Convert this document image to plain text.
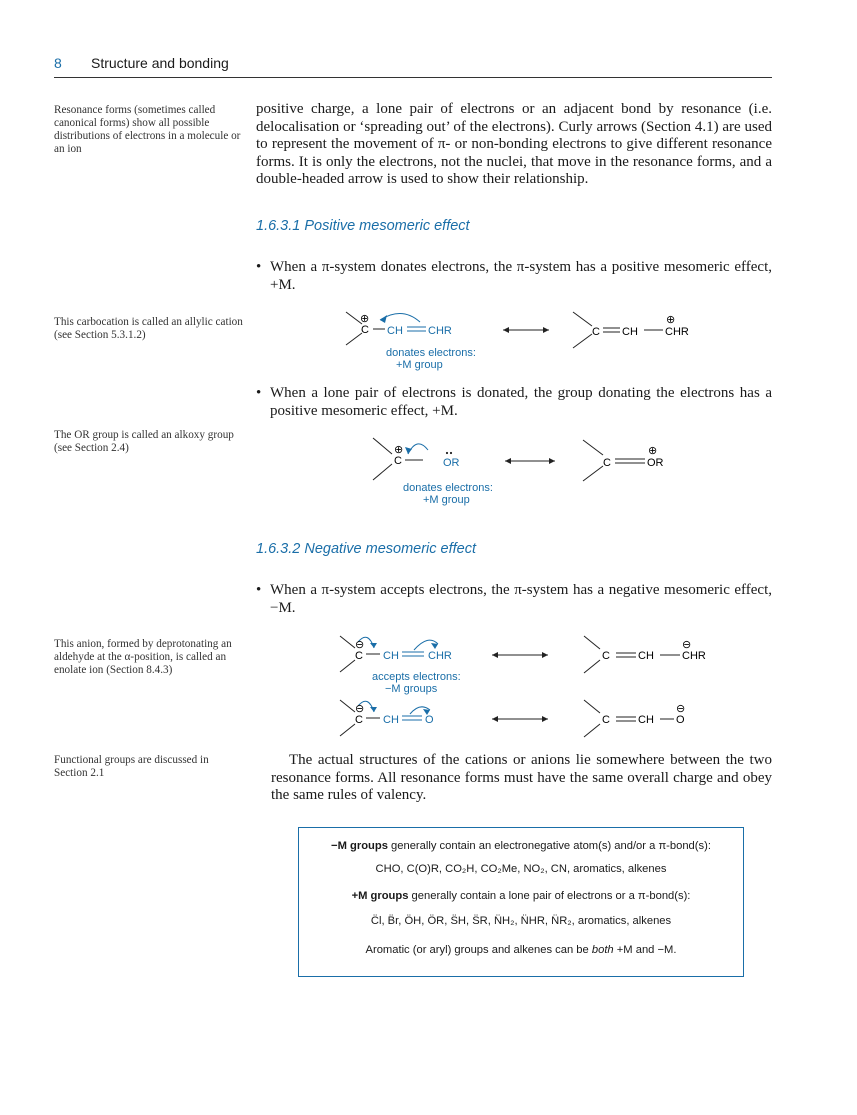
8 Structure and bonding
Resonance forms (sometimes called canonical forms) show all possible distributions of electrons in a molecule or an ion
This carbocation is called an allylic cation (see Section 5.3.1.2)
The OR group is called an alkoxy group (see Section 2.4)
This anion, formed by deprotonating an aldehyde at the α-position, is called an enolate ion (Section 8.4.3)
Functional groups are discussed in Section 2.1
positive charge, a lone pair of electrons or an adjacent bond by resonance (i.e. delocalisation or ‘spreading out’ of the electrons). Curly arrows (Section 4.1) are used to represent the movement of π- or non-bonding electrons to give different resonance forms. It is only the electrons, not the nuclei, that move in the resonance forms, and a double-headed arrow is used to show their relationship.
1.6.3.1 Positive mesomeric effect
• When a π-system donates electrons, the π-system has a positive mesomeric effect, +M.
C
⊕
CH CHR
donates electrons:
+M group
C CH CHR
⊕
• When a lone pair of electrons is donated, the group donating the electrons has a positive mesomeric effect, +M.
C
⊕
OR
donates electrons:
+M group
C	OR
⊕
1.6.3.2 Negative mesomeric effect
• When a π-system accepts electrons, the π-system has a negative mesomeric effect, −M.
C
⊖
CH	CHR
accepts electrons:
−M groups
C	CH	CHR
⊖
C
⊖
CH O	C	CH O
⊖
The actual structures of the cations or anions lie somewhere between the two resonance forms. All resonance forms must have the same overall charge and obey the same rules of valency.
−M groups generally contain an electronegative atom(s) and/or a π-bond(s):
CHO, C(O)R, CO₂H, CO₂Me, NO₂, CN, aromatics, alkenes
+M groups generally contain a lone pair of electrons or a π-bond(s):
C̈l, B̈r, ÖH, ÖR, S̈H, S̈R, N̈H₂, N̈HR, N̈R₂, aromatics, alkenes
Aromatic (or aryl) groups and alkenes can be both +M and −M.
